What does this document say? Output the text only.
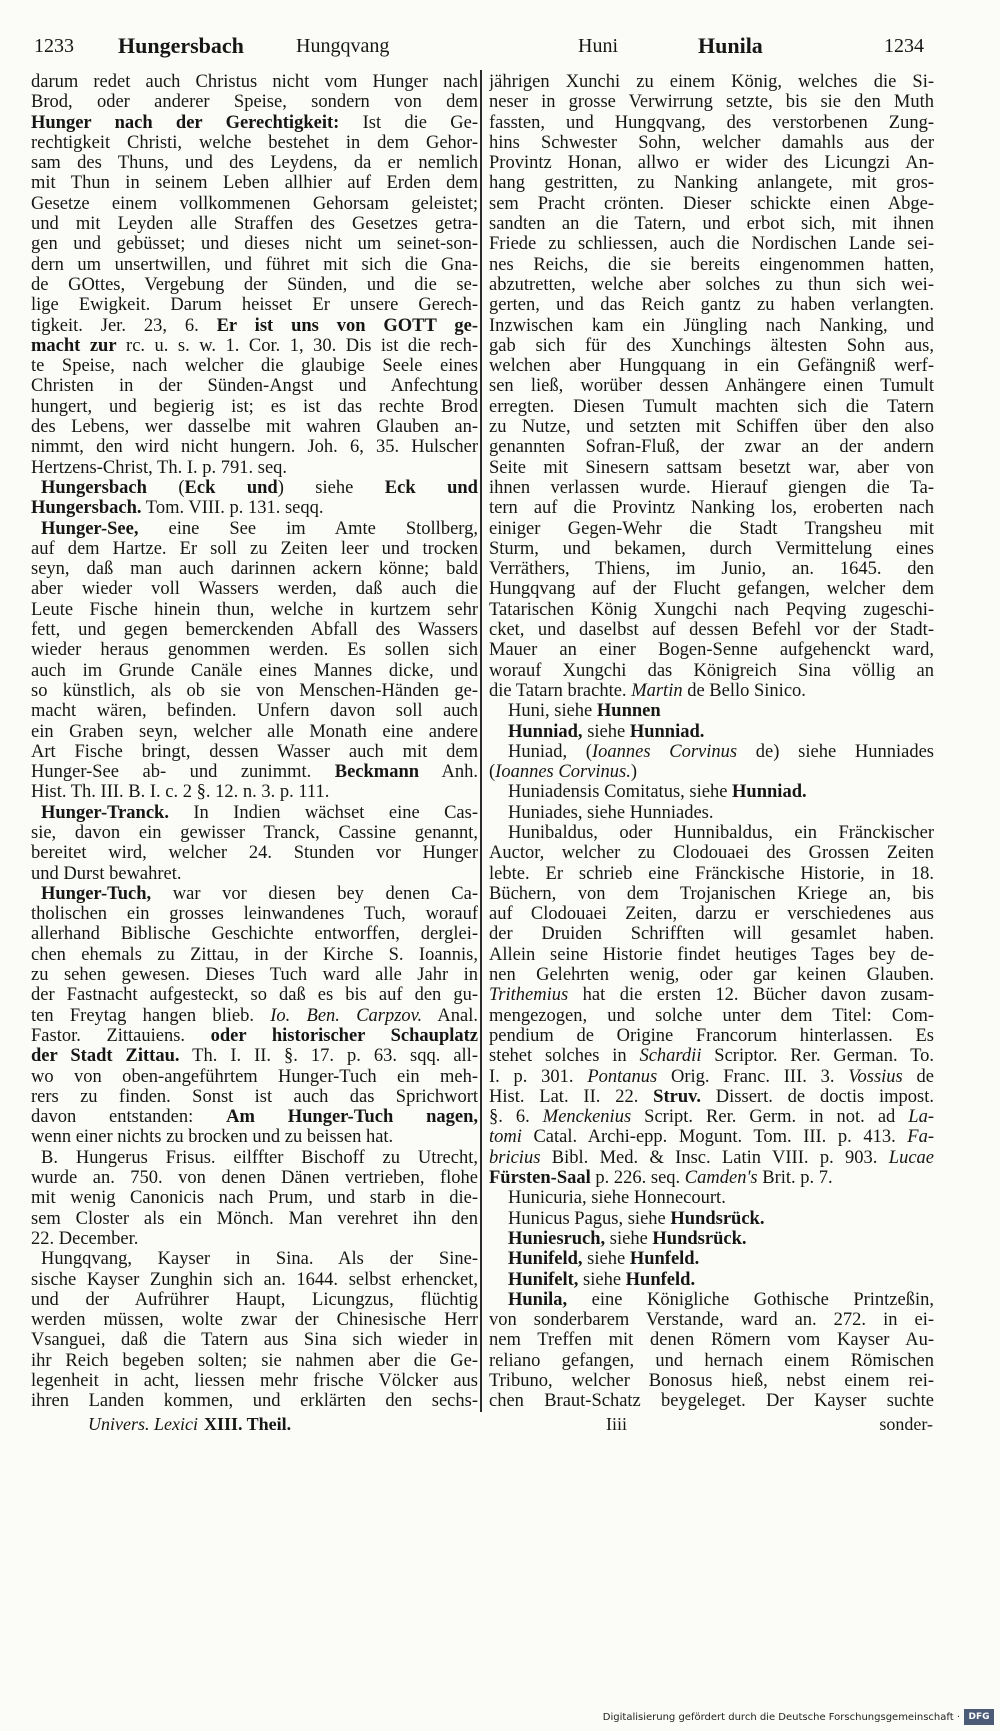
1233 Hungersbach	Hungqvang	Huni	Hunila	1234
darum redet auch Christus nicht vom Hunger nach
Brod, oder anderer Speise, sondern von dem
Hunger nach der Gerechtigkeit: Ist die Ge-
rechtigkeit Christi, welche bestehet in dem Gehor-
sam des Thuns, und des Leydens, da er nemlich
mit Thun in seinem Leben allhier auf Erden dem
Gesetze einem vollkommenen Gehorsam geleistet;
und mit Leyden alle Straffen des Gesetzes getra-
gen und gebüsset; und dieses nicht um seinet-son-
dern um unsertwillen, und führet mit sich die Gna-
de GOttes, Vergebung der Sünden, und die se-
lige Ewigkeit. Darum heisset Er unsere Gerech-
tigkeit. Jer. 23, 6. Er ist uns von GOTT ge-
macht zur rc. u. s. w. 1. Cor. 1, 30. Dis ist die rech-
te Speise, nach welcher die glaubige Seele eines
Christen in der Sünden-Angst und Anfechtung
hungert, und begierig ist; es ist das rechte Brod
des Lebens, wer dasselbe mit wahren Glauben an-
nimmt, den wird nicht hungern. Joh. 6, 35. Hulscher
Hertzens-Christ, Th. I. p. 791. seq.
Hungersbach (Eck und) siehe Eck und
Hungersbach. Tom. VIII. p. 131. seqq.
Hunger-See, eine See im Amte Stollberg,
auf dem Hartze. Er soll zu Zeiten leer und trocken
seyn, daß man auch darinnen ackern könne; bald
aber wieder voll Wassers werden, daß auch die
Leute Fische hinein thun, welche in kurtzem sehr
fett, und gegen bemerckenden Abfall des Wassers
wieder heraus genommen werden. Es sollen sich
auch im Grunde Canäle eines Mannes dicke, und
so künstlich, als ob sie von Menschen-Händen ge-
macht wären, befinden. Unfern davon soll auch
ein Graben seyn, welcher alle Monath eine andere
Art Fische bringt, dessen Wasser auch mit dem
Hunger-See ab- und zunimmt. Beckmann Anh.
Hist. Th. III. B. I. c. 2 §. 12. n. 3. p. 111.
Hunger-Tranck. In Indien wächset eine Cas-
sie, davon ein gewisser Tranck, Cassine genannt,
bereitet wird, welcher 24. Stunden vor Hunger
und Durst bewahret.
Hunger-Tuch, war vor diesen bey denen Ca-
tholischen ein grosses leinwandenes Tuch, worauf
allerhand Biblische Geschichte entworffen, derglei-
chen ehemals zu Zittau, in der Kirche S. Ioannis,
zu sehen gewesen. Dieses Tuch ward alle Jahr in
der Fastnacht aufgesteckt, so daß es bis auf den gu-
ten Freytag hangen blieb. Io. Ben. Carpzov. Anal.
Fastor. Zittauiens. oder historischer Schauplatz
der Stadt Zittau. Th. I. II. §. 17. p. 63. sqq. all-
wo von oben-angeführtem Hunger-Tuch ein meh-
rers zu finden. Sonst ist auch das Sprichwort
davon entstanden: Am Hunger-Tuch nagen,
wenn einer nichts zu brocken und zu beissen hat.
B. Hungerus Frisus. eilffter Bischoff zu Utrecht,
wurde an. 750. von denen Dänen vertrieben, flohe
mit wenig Canonicis nach Prum, und starb in die-
sem Closter als ein Mönch. Man verehret ihn den
22. December.
Hungqvang, Kayser in Sina. Als der Sine-
sische Kayser Zunghin sich an. 1644. selbst erhencket,
und der Aufrührer Haupt, Licungzus, flüchtig
werden müssen, wolte zwar der Chinesische Herr
Vsanguei, daß die Tatern aus Sina sich wieder in
ihr Reich begeben solten; sie nahmen aber die Ge-
legenheit in acht, liessen mehr frische Völcker aus
ihren Landen kommen, und erklärten den sechs-
jährigen Xunchi zu einem König, welches die Si-
neser in grosse Verwirrung setzte, bis sie den Muth
fassten, und Hungqvang, des verstorbenen Zung-
hins Schwester Sohn, welcher damahls aus der
Provintz Honan, allwo er wider des Licungzi An-
hang gestritten, zu Nanking anlangete, mit gros-
sem Pracht crönten. Dieser schickte einen Abge-
sandten an die Tatern, und erbot sich, mit ihnen
Friede zu schliessen, auch die Nordischen Lande sei-
nes Reichs, die sie bereits eingenommen hatten,
abzutretten, welche aber solches zu thun sich wei-
gerten, und das Reich gantz zu haben verlangten.
Inzwischen kam ein Jüngling nach Nanking, und
gab sich für des Xunchings ältesten Sohn aus,
welchen aber Hungquang in ein Gefängniß werf-
sen ließ, worüber dessen Anhängere einen Tumult
erregten. Diesen Tumult machten sich die Tatern
zu Nutze, und setzten mit Schiffen über den also
genannten Sofran-Fluß, der zwar an der andern
Seite mit Sinesern sattsam besetzt war, aber von
ihnen verlassen wurde. Hierauf giengen die Ta-
tern auf die Provintz Nanking los, eroberten nach
einiger Gegen-Wehr die Stadt Trangsheu mit
Sturm, und bekamen, durch Vermittelung eines
Verräthers, Thiens, im Junio, an. 1645. den
Hungqvang auf der Flucht gefangen, welcher dem
Tatarischen König Xungchi nach Peqving zugeschi-
cket, und daselbst auf dessen Befehl vor der Stadt-
Mauer an einer Bogen-Senne aufgehenckt ward,
worauf Xungchi das Königreich Sina völlig an
die Tatarn brachte. Martin de Bello Sinico.
Huni, siehe Hunnen
Hunniad, siehe Hunniad.
Huniad, (Ioannes Corvinus de) siehe Hunniades
(Ioannes Corvinus.)
Huniadensis Comitatus, siehe Hunniad.
Huniades, siehe Hunniades.
Hunibaldus, oder Hunnibaldus, ein Fränckischer
Auctor, welcher zu Clodouaei des Grossen Zeiten
lebte. Er schrieb eine Fränckische Historie, in 18.
Büchern, von dem Trojanischen Kriege an, bis
auf Clodouaei Zeiten, darzu er verschiedenes aus
der Druiden Schrifften will gesamlet haben.
Allein seine Historie findet heutiges Tages bey de-
nen Gelehrten wenig, oder gar keinen Glauben.
Trithemius hat die ersten 12. Bücher davon zusam-
mengezogen, und solche unter dem Titel: Com-
pendium de Origine Francorum hinterlassen. Es
stehet solches in Schardii Scriptor. Rer. German. To.
I. p. 301. Pontanus Orig. Franc. III. 3. Vossius de
Hist. Lat. II. 22. Struv. Dissert. de doctis impost.
§. 6. Menckenius Script. Rer. Germ. in not. ad La-
tomi Catal. Archi-epp. Mogunt. Tom. III. p. 413. Fa-
bricius Bibl. Med. & Insc. Latin VIII. p. 903. Lucae
Fürsten-Saal p. 226. seq. Camden's Brit. p. 7.
Hunicuria, siehe Honnecourt.
Hunicus Pagus, siehe Hundsrück.
Huniesruch, siehe Hundsrück.
Hunifeld, siehe Hunfeld.
Hunifelt, siehe Hunfeld.
Hunila, eine Königliche Gothische Printzeßin,
von sonderbarem Verstande, ward an. 272. in ei-
nem Treffen mit denen Römern vom Kayser Au-
reliano gefangen, und hernach einem Römischen
Tribuno, welcher Bonosus hieß, nebst einem rei-
chen Braut-Schatz beygeleget. Der Kayser suchte
Univers. Lexici XIII. Theil.	Iiii	sonder-
Digitalisierung gefördert durch die Deutsche Forschungsgemeinschaft · DFG
